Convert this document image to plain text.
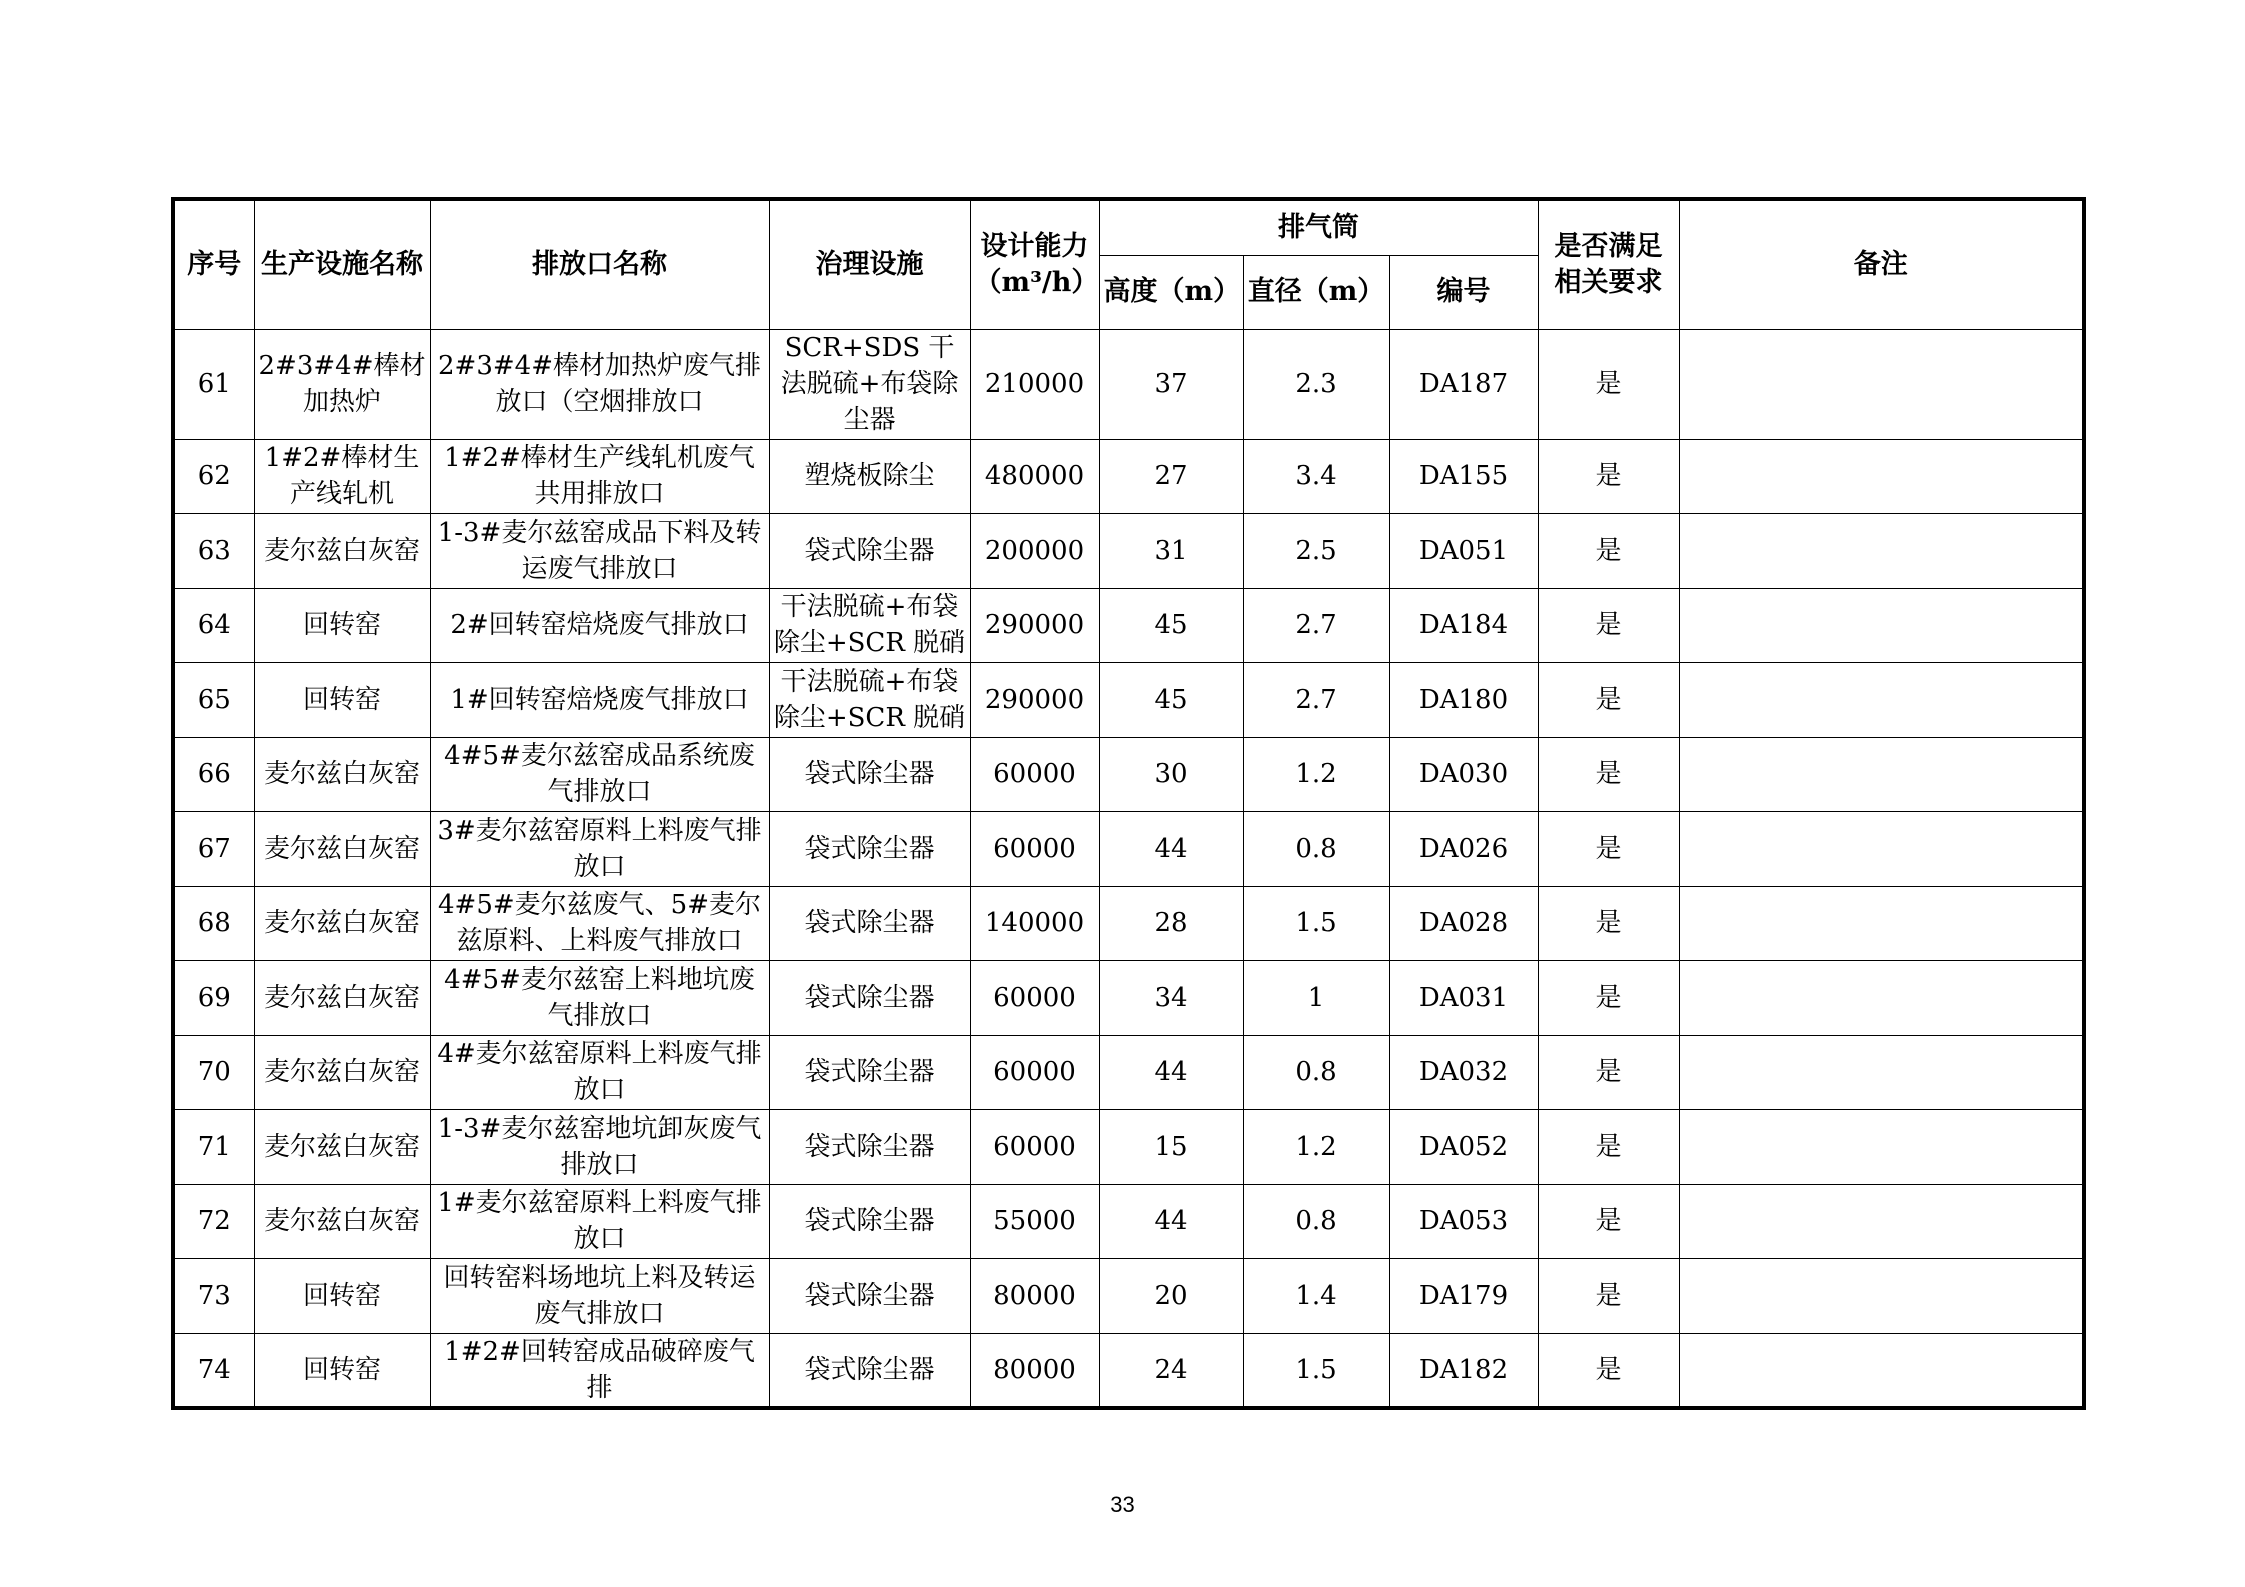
序号	生产设施名称	排放口名称	治理设施	设计能力（m³/h）	排气筒			是否满足相关要求	备注
					高度（m）	直径（m）	编号		
61	2#3#4#棒材加热炉	2#3#4#棒材加热炉废气排放口（空烟排放口	SCR+SDS 干法脱硫+布袋除尘器	210000	37	2.3	DA187	是	
62	1#2#棒材生产线轧机	1#2#棒材生产线轧机废气共用排放口	塑烧板除尘	480000	27	3.4	DA155	是	
63	麦尔兹白灰窑	1-3#麦尔兹窑成品下料及转运废气排放口	袋式除尘器	200000	31	2.5	DA051	是	
64	回转窑	2#回转窑焙烧废气排放口	干法脱硫+布袋除尘+SCR 脱硝	290000	45	2.7	DA184	是	
65	回转窑	1#回转窑焙烧废气排放口	干法脱硫+布袋除尘+SCR 脱硝	290000	45	2.7	DA180	是	
66	麦尔兹白灰窑	4#5#麦尔兹窑成品系统废气排放口	袋式除尘器	60000	30	1.2	DA030	是	
67	麦尔兹白灰窑	3#麦尔兹窑原料上料废气排放口	袋式除尘器	60000	44	0.8	DA026	是	
68	麦尔兹白灰窑	4#5#麦尔兹废气、5#麦尔兹原料、上料废气排放口	袋式除尘器	140000	28	1.5	DA028	是	
69	麦尔兹白灰窑	4#5#麦尔兹窑上料地坑废气排放口	袋式除尘器	60000	34	1	DA031	是	
70	麦尔兹白灰窑	4#麦尔兹窑原料上料废气排放口	袋式除尘器	60000	44	0.8	DA032	是	
71	麦尔兹白灰窑	1-3#麦尔兹窑地坑卸灰废气排放口	袋式除尘器	60000	15	1.2	DA052	是	
72	麦尔兹白灰窑	1#麦尔兹窑原料上料废气排放口	袋式除尘器	55000	44	0.8	DA053	是	
73	回转窑	回转窑料场地坑上料及转运废气排放口	袋式除尘器	80000	20	1.4	DA179	是	
74	回转窑	1#2#回转窑成品破碎废气排	袋式除尘器	80000	24	1.5	DA182	是	
33
